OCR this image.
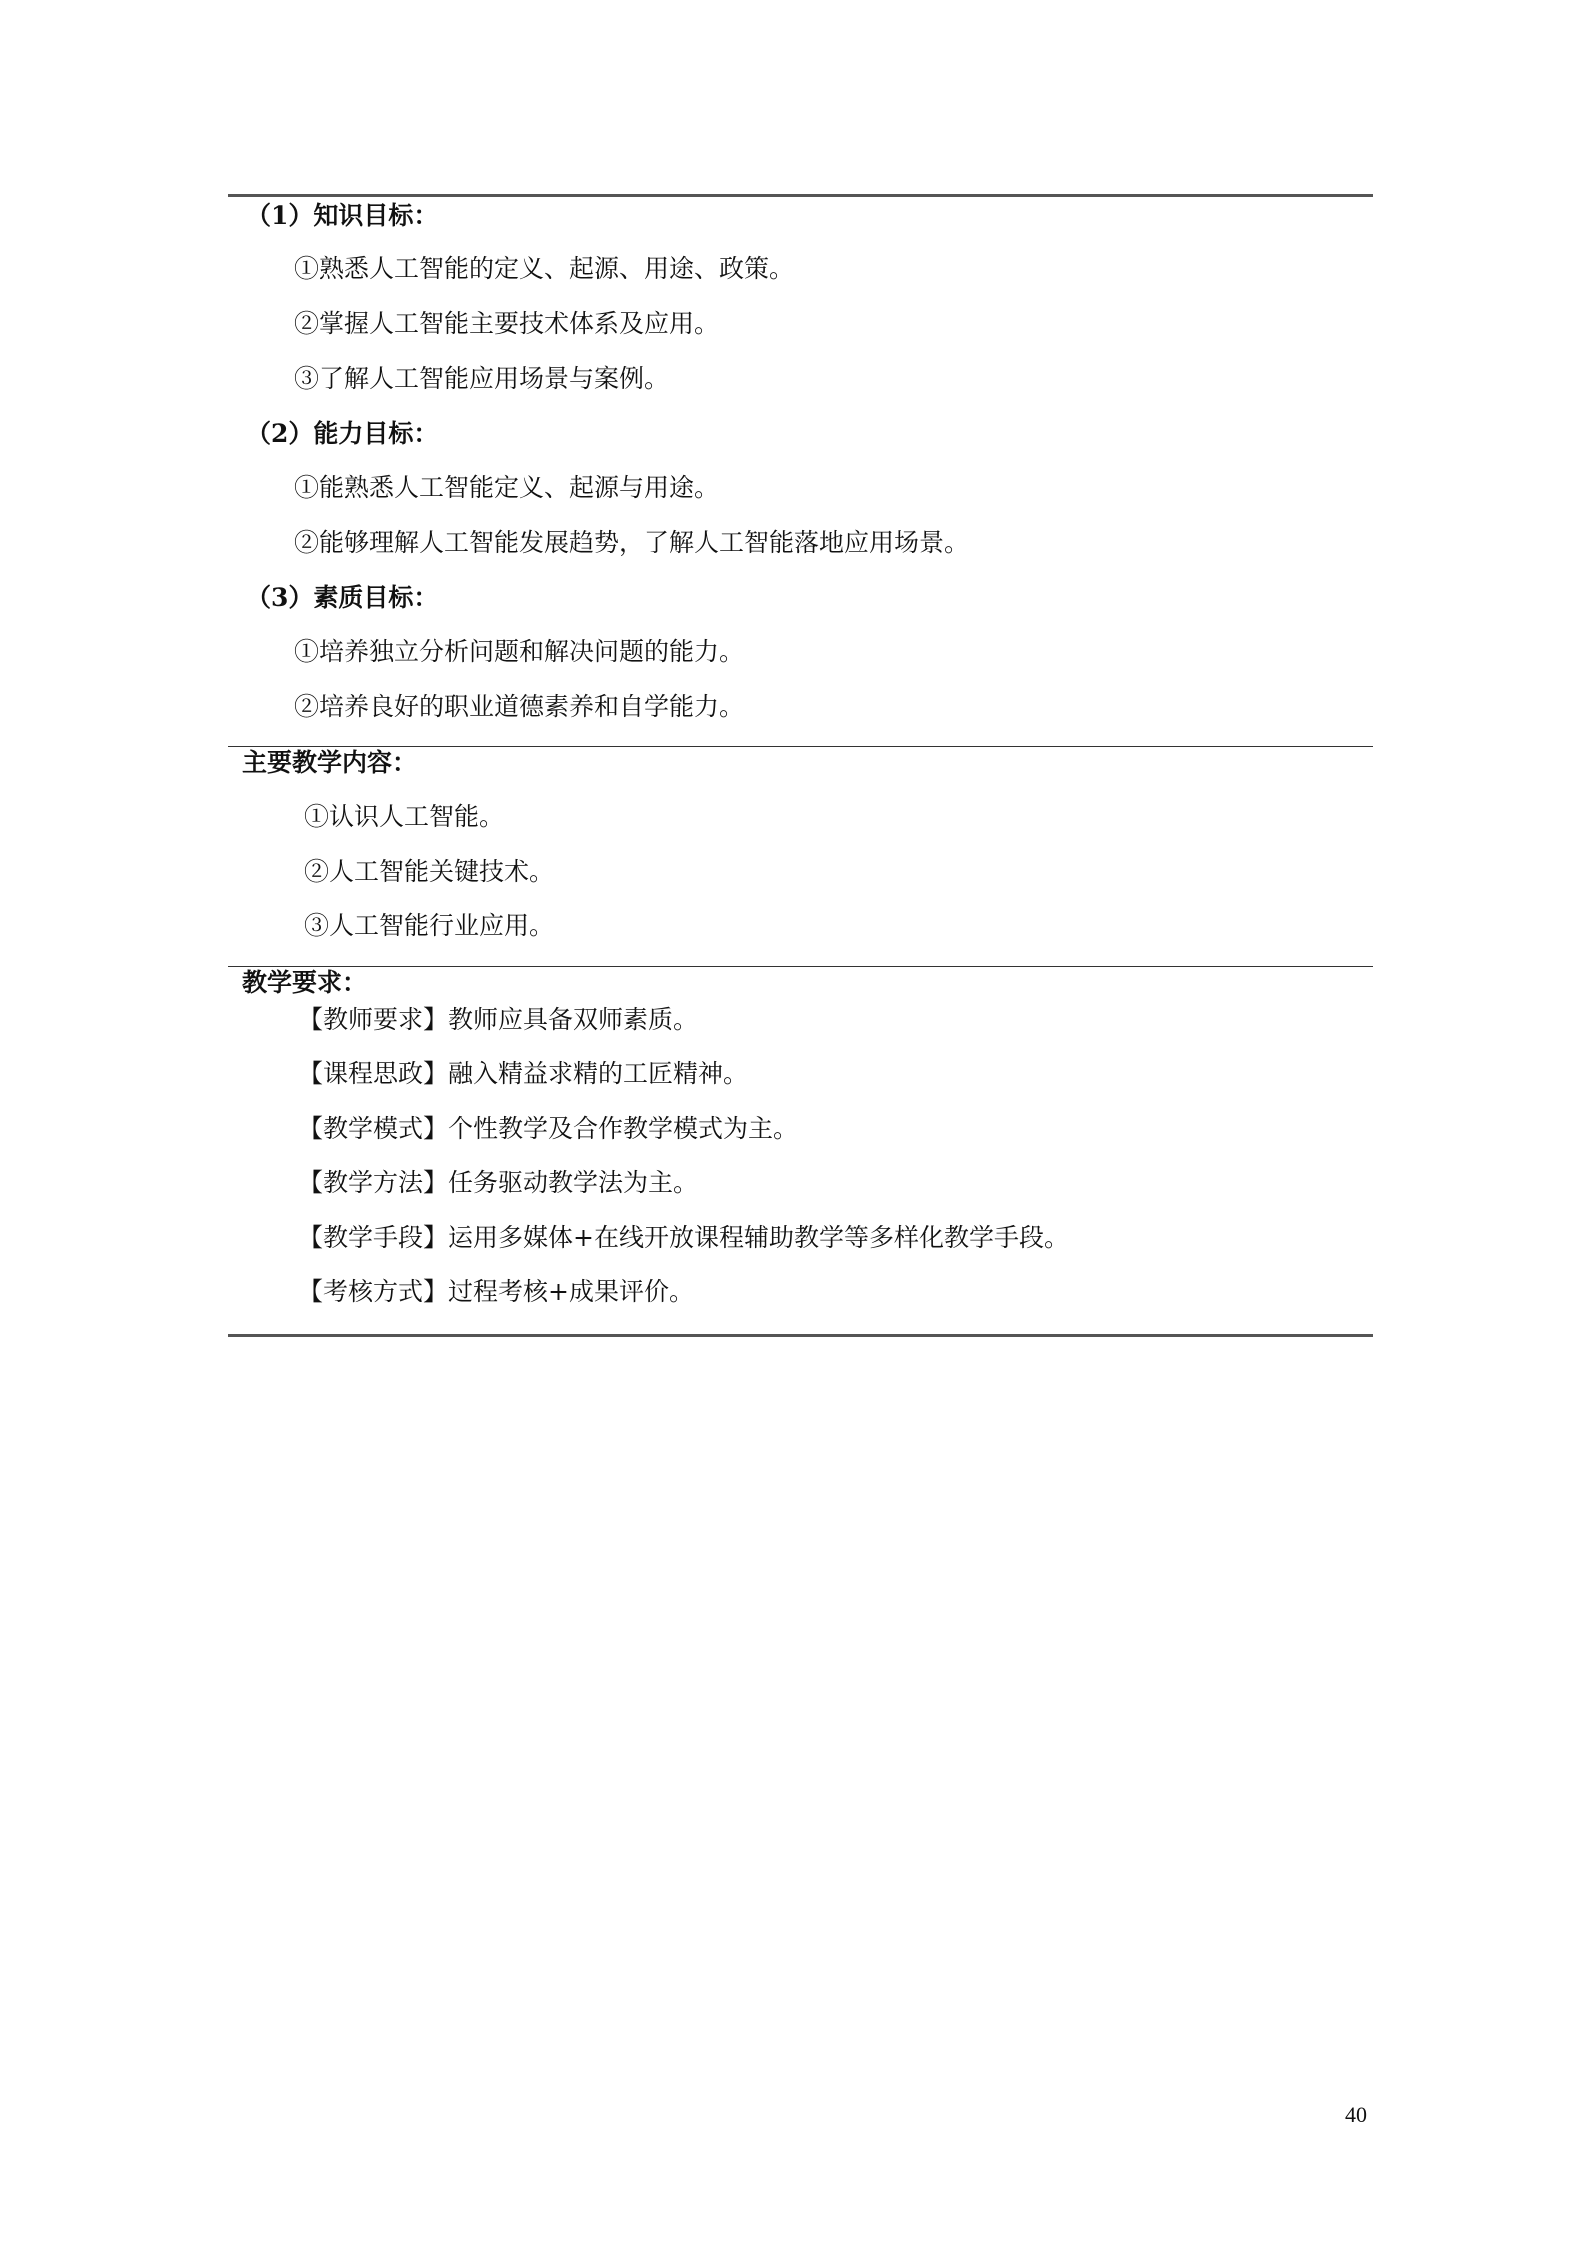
（1）知识目标：
①熟悉人工智能的定义、起源、用途、政策。
②掌握人工智能主要技术体系及应用。
③了解人工智能应用场景与案例。
（2）能力目标：
①能熟悉人工智能定义、起源与用途。
②能够理解人工智能发展趋势，了解人工智能落地应用场景。
（3）素质目标：
①培养独立分析问题和解决问题的能力。
②培养良好的职业道德素养和自学能力。
主要教学内容：
①认识人工智能。
②人工智能关键技术。
③人工智能行业应用。
教学要求：
【教师要求】教师应具备双师素质。
【课程思政】融入精益求精的工匠精神。
【教学模式】个性教学及合作教学模式为主。
【教学方法】任务驱动教学法为主。
【教学手段】运用多媒体+在线开放课程辅助教学等多样化教学手段。
【考核方式】过程考核+成果评价。
40
